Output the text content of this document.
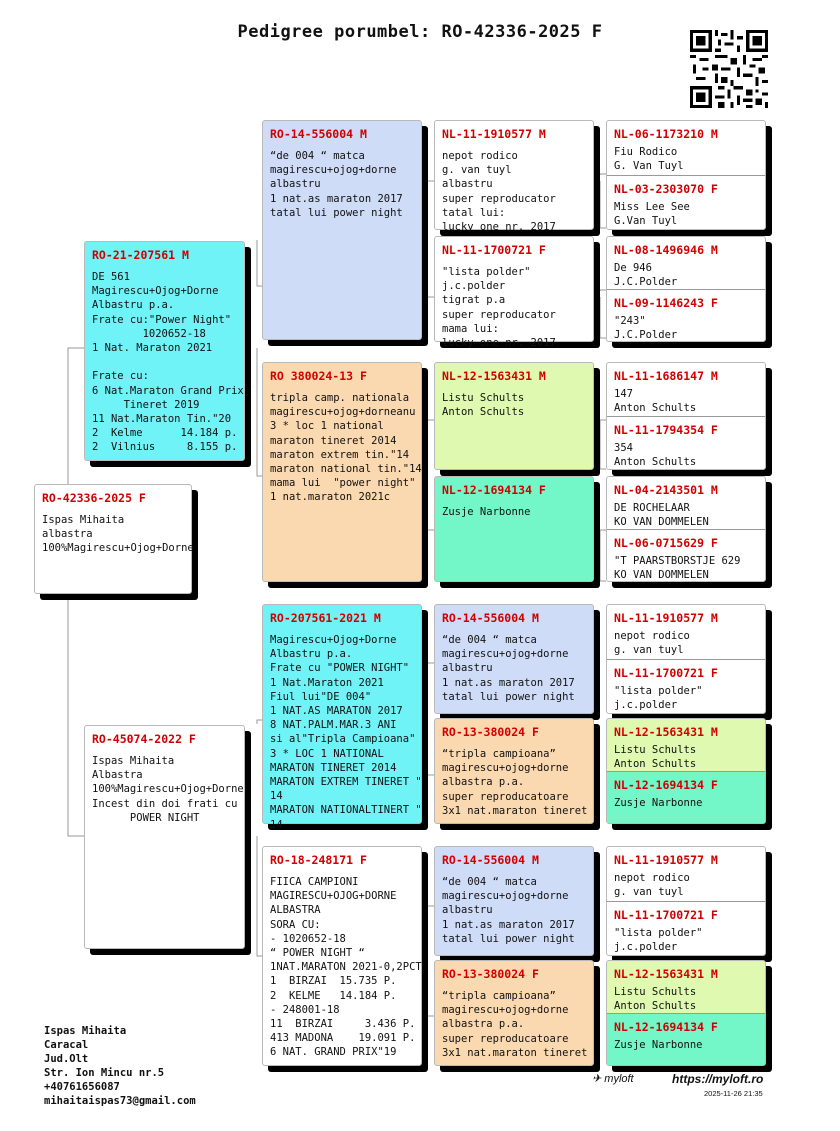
Pedigree porumbel: RO-42336-2025 F
RO-42336-2025 F
Ispas Mihaita
albastra
100%Magirescu+Ojog+Dorne
RO-21-207561 M
DE 561
Magirescu+Ojog+Dorne
Albastru p.a.
Frate cu:"Power Night"
1020652-18
1 Nat. Maraton 2021

Frate cu:
6 Nat.Maraton Grand Prix
Tineret 2019
11 Nat.Maraton Tin."20
2  Kelme      14.184 p.
2  Vilnius     8.155 p.
RO-45074-2022 F
Ispas Mihaita
Albastra
100%Magirescu+Ojog+Dorne
Incest din doi frati cu
POWER NIGHT
RO-14-556004 M
“de 004 “ matca
magirescu+ojog+dorne
albastru
1 nat.as maraton 2017
tatal lui power night
RO 380024-13 F
tripla camp. nationala
magirescu+ojog+dorneanu
3 * loc 1 national
maraton tineret 2014
maraton extrem tin."14
maraton national tin."14
mama lui  "power night"
1 nat.maraton 2021c
RO-207561-2021 M
Magirescu+Ojog+Dorne
Albastru p.a.
Frate cu "POWER NIGHT"
1 Nat.Maraton 2021
Fiul lui"DE 004"
1 NAT.AS MARATON 2017
8 NAT.PALM.MAR.3 ANI
si al"Tripla Campioana"
3 * LOC 1 NATIONAL
MARATON TINERET 2014
MARATON EXTREM TINERET "
14
MARATON NATIONALTINERT "
14
RO-18-248171 F
FIICA CAMPIONI
MAGIRESCU+OJOG+DORNE
ALBASTRA
SORA CU:
- 1020652-18
“ POWER NIGHT “
1NAT.MARATON 2021-0,2PCT
1  BIRZAI  15.735 P.
2  KELME   14.184 P.
- 248001-18
11  BIRZAI     3.436 P.
413 MADONA    19.091 P.
6 NAT. GRAND PRIX"19
NL-11-1910577 M
nepot rodico
g. van tuyl
albastru
super reproducator
tatal lui:
lucky one nr. 2017
NL-11-1700721 F
"lista polder"
j.c.polder
tigrat p.a
super reproducator
mama lui:
lucky one nr. 2017
NL-12-1563431 M
Listu Schults
Anton Schults
NL-12-1694134 F
Zusje Narbonne
RO-14-556004 M
“de 004 “ matca
magirescu+ojog+dorne
albastru
1 nat.as maraton 2017
tatal lui power night
RO-13-380024 F
“tripla campioana”
magirescu+ojog+dorne
albastra p.a.
super reproducatoare
3x1 nat.maraton tineret
RO-14-556004 M
“de 004 “ matca
magirescu+ojog+dorne
albastru
1 nat.as maraton 2017
tatal lui power night
RO-13-380024 F
“tripla campioana”
magirescu+ojog+dorne
albastra p.a.
super reproducatoare
3x1 nat.maraton tineret
NL-06-1173210 M
Fiu Rodico
G. Van Tuyl
NL-03-2303070 F
Miss Lee See
G.Van Tuyl
NL-08-1496946 M
De 946
J.C.Polder
NL-09-1146243 F
"243"
J.C.Polder
NL-11-1686147 M
147
Anton Schults
NL-11-1794354 F
354
Anton Schults
NL-04-2143501 M
DE ROCHELAAR
KO VAN DOMMELEN
NL-06-0715629 F
"T PAARSTBORSTJE 629
KO VAN DOMMELEN
NL-11-1910577 M
nepot rodico
g. van tuyl
NL-11-1700721 F
"lista polder"
j.c.polder
NL-12-1563431 M
Listu Schults
Anton Schults
NL-12-1694134 F
Zusje Narbonne
NL-11-1910577 M
nepot rodico
g. van tuyl
NL-11-1700721 F
"lista polder"
j.c.polder
NL-12-1563431 M
Listu Schults
Anton Schults
NL-12-1694134 F
Zusje Narbonne
Ispas Mihaita
Caracal
Jud.Olt
Str. Ion Mincu nr.5
+40761656087
mihaitaispas73@gmail.com
✈ myloft	https://myloft.ro
2025-11-26 21:35
